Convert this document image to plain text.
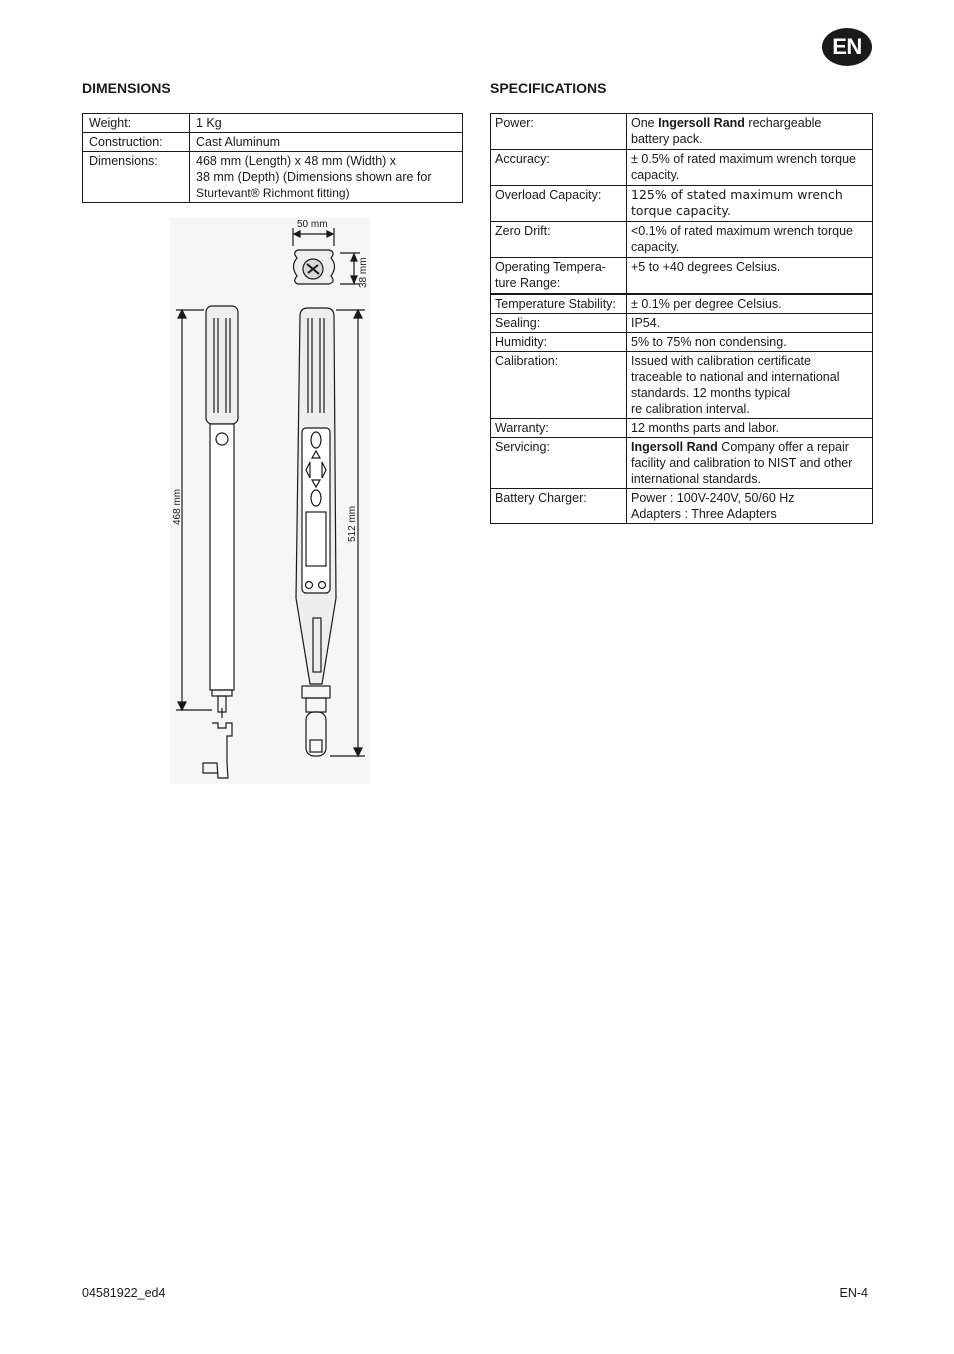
EN
DIMENSIONS
Weight:	1 Kg
Construction:	Cast Aluminum
Dimensions:	468 mm (Length) x 48 mm (Width) x
38 mm (Depth) (Dimensions shown are for
Sturtevant® Richmont fitting)
50 mm
38 mm
468 mm	512 mm
SPECIFICATIONS
Power:	One Ingersoll Rand rechargeable
battery pack.

Accuracy:	± 0.5% of rated maximum wrench torque
capacity.

Overload Capacity:	125% of stated maximum wrench
torque capacity.

Zero Drift:	<0.1% of rated maximum wrench torque
capacity.

Operating Tempera-
ture Range:	+5 to +40 degrees Celsius.
Temperature Stability:	± 0.1% per degree Celsius.
Sealing:	IP54.
Humidity:	5% to 75% non condensing.
Calibration:	Issued with calibration certificate
traceable to national and international
standards. 12 months typical
re calibration interval.

Warranty:	12 months parts and labor.
Servicing:	Ingersoll Rand Company offer a repair
facility and calibration to NIST and other
international standards.

Battery Charger:	Power : 100V-240V, 50/60 Hz
Adapters : Three Adapters
04581922_ed4	EN-4
